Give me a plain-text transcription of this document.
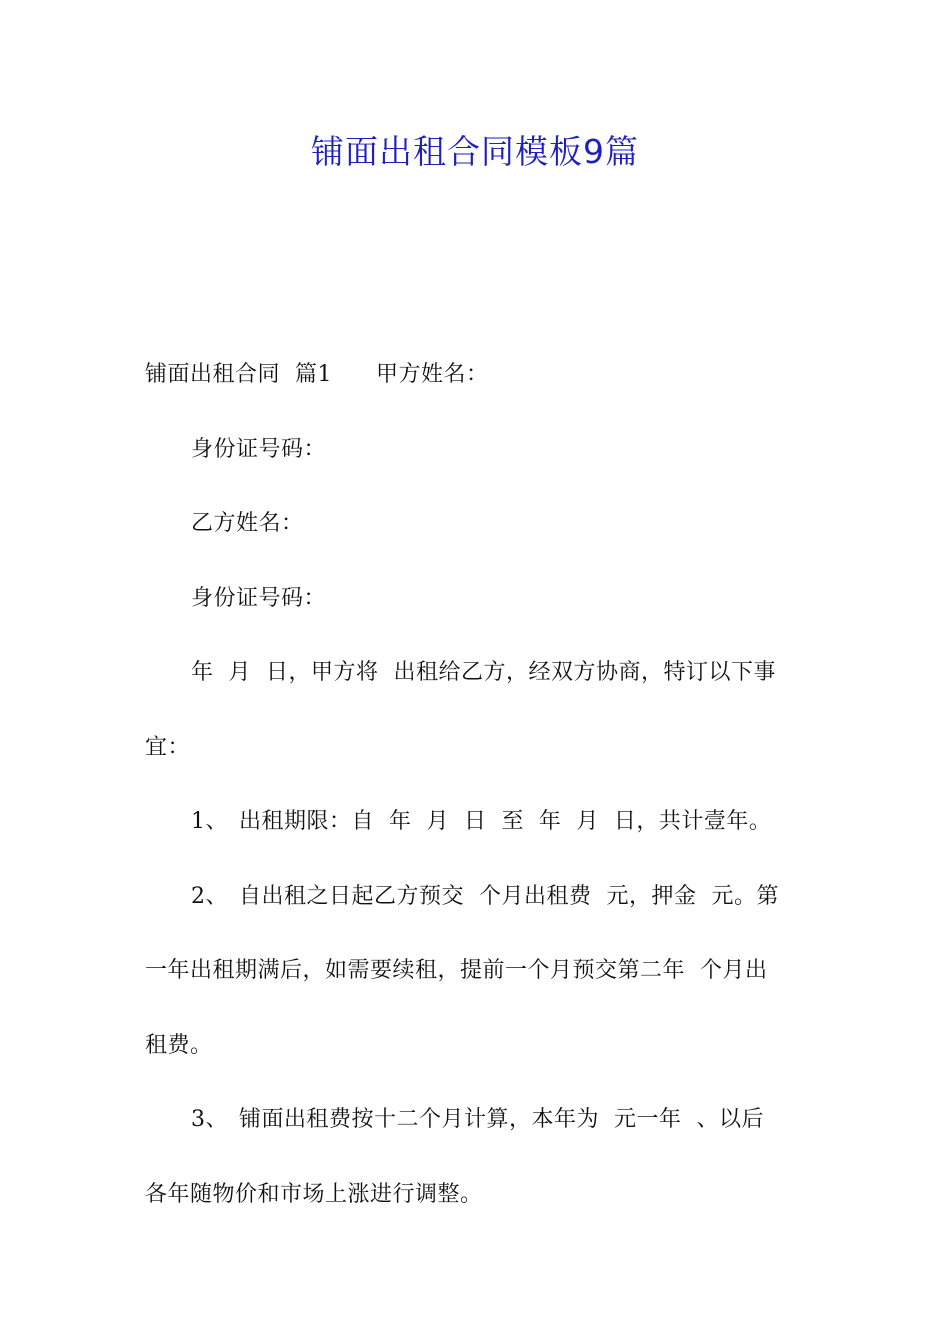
铺面出租合同模板9篇
铺面出租合同  篇1 甲方姓名：
身份证号码：
乙方姓名：
身份证号码：
年  月  日，甲方将  出租给乙方，经双方协商，特订以下事
宜：
1、 出租期限：自  年  月  日  至  年  月  日，共计壹年。
2、 自出租之日起乙方预交  个月出租费  元，押金  元。第
一年出租期满后，如需要续租，提前一个月预交第二年  个月出
租费。
3、 铺面出租费按十二个月计算，本年为  元一年  、以后
各年随物价和市场上涨进行调整。
